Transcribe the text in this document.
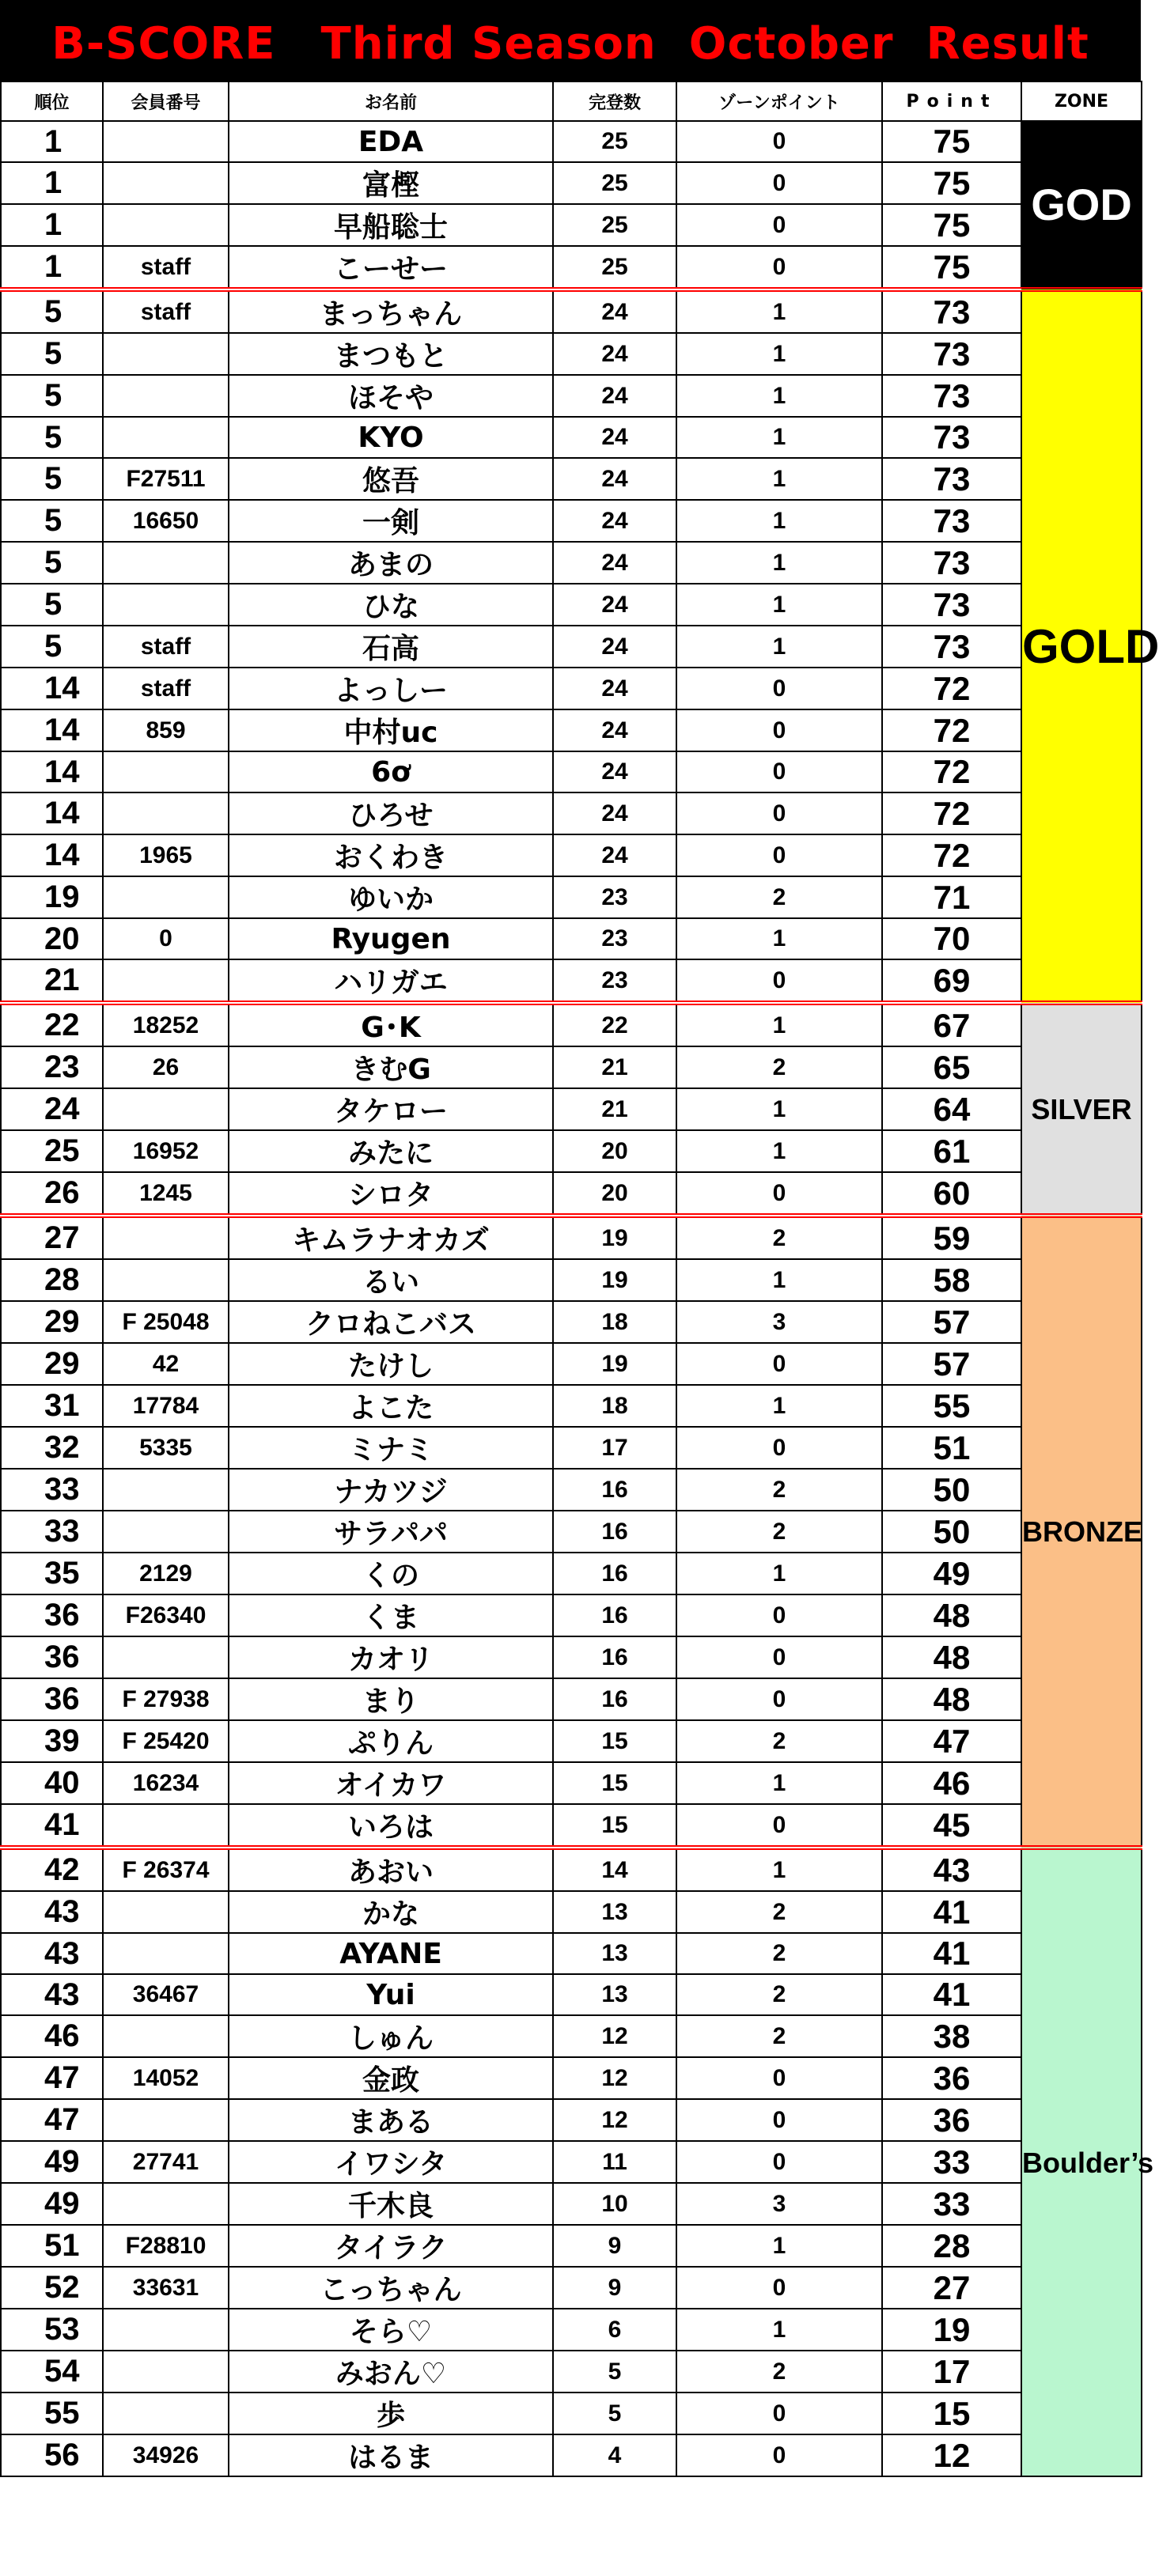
B-SCORE　Third Season  October  Result
順位	会員番号	お名前	完登数	ゾーンポイント	Point	ZONE
1		EDA	25	0	75	GOD
1		富樫	25	0	75	
1		早船聡士	25	0	75	
1	staff	こーせー	25	0	75	
5	staff	まっちゃん	24	1	73	GOLD
5		まつもと	24	1	73	
5		ほそや	24	1	73	
5		KYO	24	1	73	
5	F27511	悠吾	24	1	73	
5	16650	一剣	24	1	73	
5		あまの	24	1	73	
5		ひな	24	1	73	
5	staff	石高	24	1	73	
14	staff	よっしー	24	0	72	
14	859	中村uc	24	0	72	
14		6ơ	24	0	72	
14		ひろせ	24	0	72	
14	1965	おくわき	24	0	72	
19		ゆいか	23	2	71	
20	0	Ryugen	23	1	70	
21		ハリガエ	23	0	69	
22	18252	G･K	22	1	67	SILVER
23	26	きむG	21	2	65	
24		タケロー	21	1	64	
25	16952	みたに	20	1	61	
26	1245	シロタ	20	0	60	
27		キムラナオカズ	19	2	59	BRONZE
28		るい	19	1	58	
29	F 25048	クロねこバス	18	3	57	
29	42	たけし	19	0	57	
31	17784	よこた	18	1	55	
32	5335	ミナミ	17	0	51	
33		ナカツジ	16	2	50	
33		サラパパ	16	2	50	
35	2129	くの	16	1	49	
36	F26340	くま	16	0	48	
36		カオリ	16	0	48	
36	F 27938	まり	16	0	48	
39	F 25420	ぷりん	15	2	47	
40	16234	オイカワ	15	1	46	
41		いろは	15	0	45	
42	F 26374	あおい	14	1	43	Boulder’s
43		かな	13	2	41	
43		AYANE	13	2	41	
43	36467	Yui	13	2	41	
46		しゅん	12	2	38	
47	14052	金政	12	0	36	
47		まある	12	0	36	
49	27741	イワシタ	11	0	33	
49		千木良	10	3	33	
51	F28810	タイラク	9	1	28	
52	33631	こっちゃん	9	0	27	
53		そら♡	6	1	19	
54		みおん♡	5	2	17	
55		歩	5	0	15	
56	34926	はるま	4	0	12	
